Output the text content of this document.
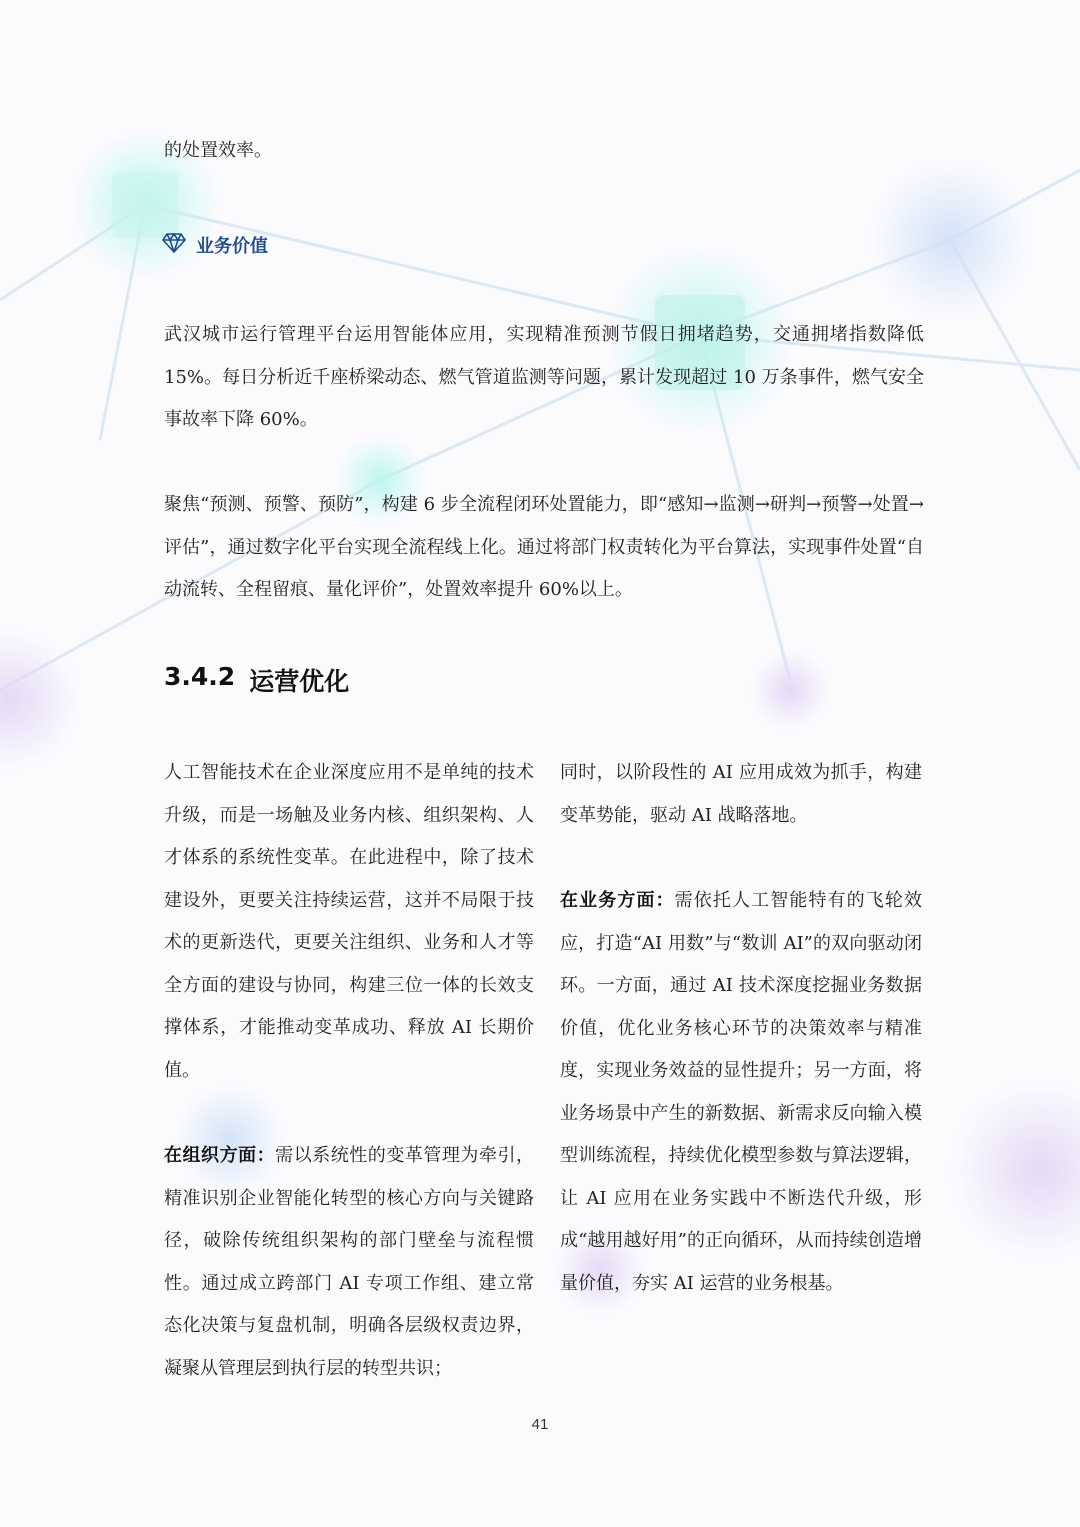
的处置效率。

业务价值

武汉城市运行管理平台运用智能体应用，实现精准预测节假日拥堵趋势，交通拥堵指数降低15%。每日分析近千座桥梁动态、燃气管道监测等问题，累计发现超过 10 万条事件，燃气安全事故率下降 60%。

聚焦“预测、预警、预防”，构建 6 步全流程闭环处置能力，即“感知→监测→研判→预警→处置→评估”，通过数字化平台实现全流程线上化。通过将部门权责转化为平台算法，实现事件处置“自动流转、全程留痕、量化评价”，处置效率提升 60%以上。

3.4.2 运营优化

人工智能技术在企业深度应用不是单纯的技术升级，而是一场触及业务内核、组织架构、人才体系的系统性变革。在此进程中，除了技术建设外，更要关注持续运营，这并不局限于技术的更新迭代，更要关注组织、业务和人才等全方面的建设与协同，构建三位一体的长效支撑体系，才能推动变革成功、释放 AI 长期价值。

在组织方面：需以系统性的变革管理为牵引，精准识别企业智能化转型的核心方向与关键路径，破除传统组织架构的部门壁垒与流程惯性。通过成立跨部门 AI 专项工作组、建立常态化决策与复盘机制，明确各层级权责边界，凝聚从管理层到执行层的转型共识；

同时，以阶段性的 AI 应用成效为抓手，构建变革势能，驱动 AI 战略落地。

在业务方面：需依托人工智能特有的飞轮效应，打造“AI 用数”与“数训 AI”的双向驱动闭环。一方面，通过 AI 技术深度挖掘业务数据价值，优化业务核心环节的决策效率与精准度，实现业务效益的显性提升；另一方面，将业务场景中产生的新数据、新需求反向输入模型训练流程，持续优化模型参数与算法逻辑，让 AI 应用在业务实践中不断迭代升级，形成“越用越好用”的正向循环，从而持续创造增量价值，夯实 AI 运营的业务根基。

41
